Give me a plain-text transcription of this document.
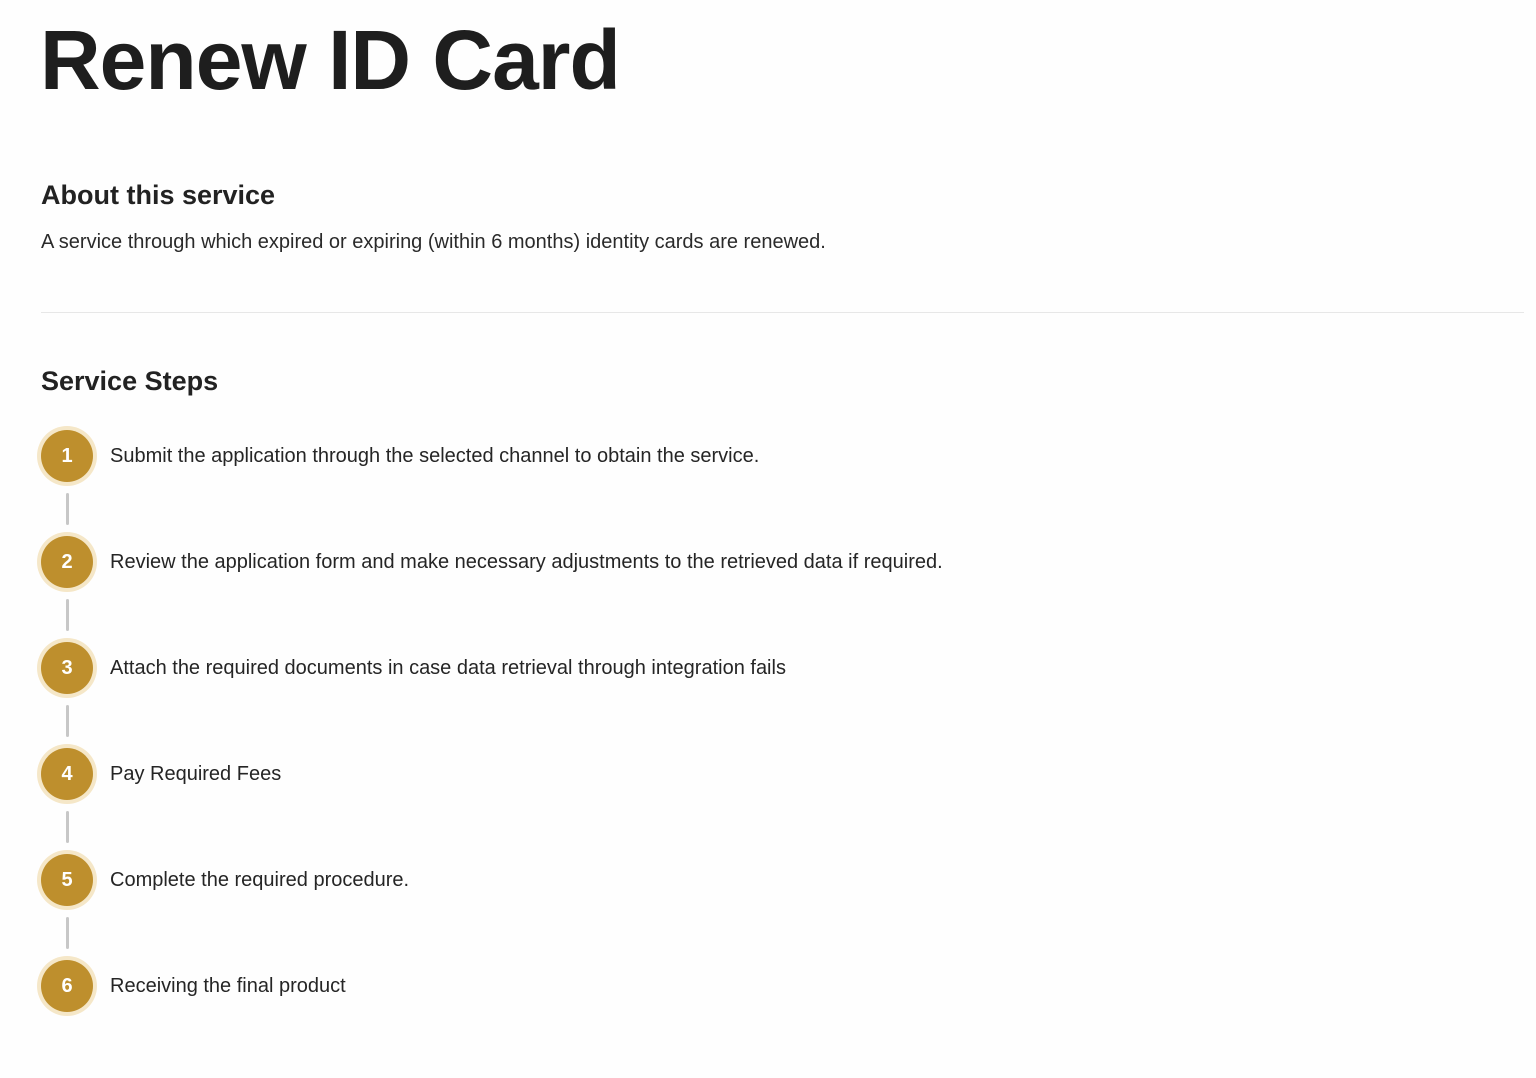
Renew ID Card
About this service

A service through which expired or expiring (within 6 months) identity cards are renewed.

Service Steps
1	Submit the application through the selected channel to obtain the service.
2	Review the application form and make necessary adjustments to the retrieved data if required.
3	Attach the required documents in case data retrieval through integration fails
4	Pay Required Fees
5	Complete the required procedure.
6	Receiving the final product
